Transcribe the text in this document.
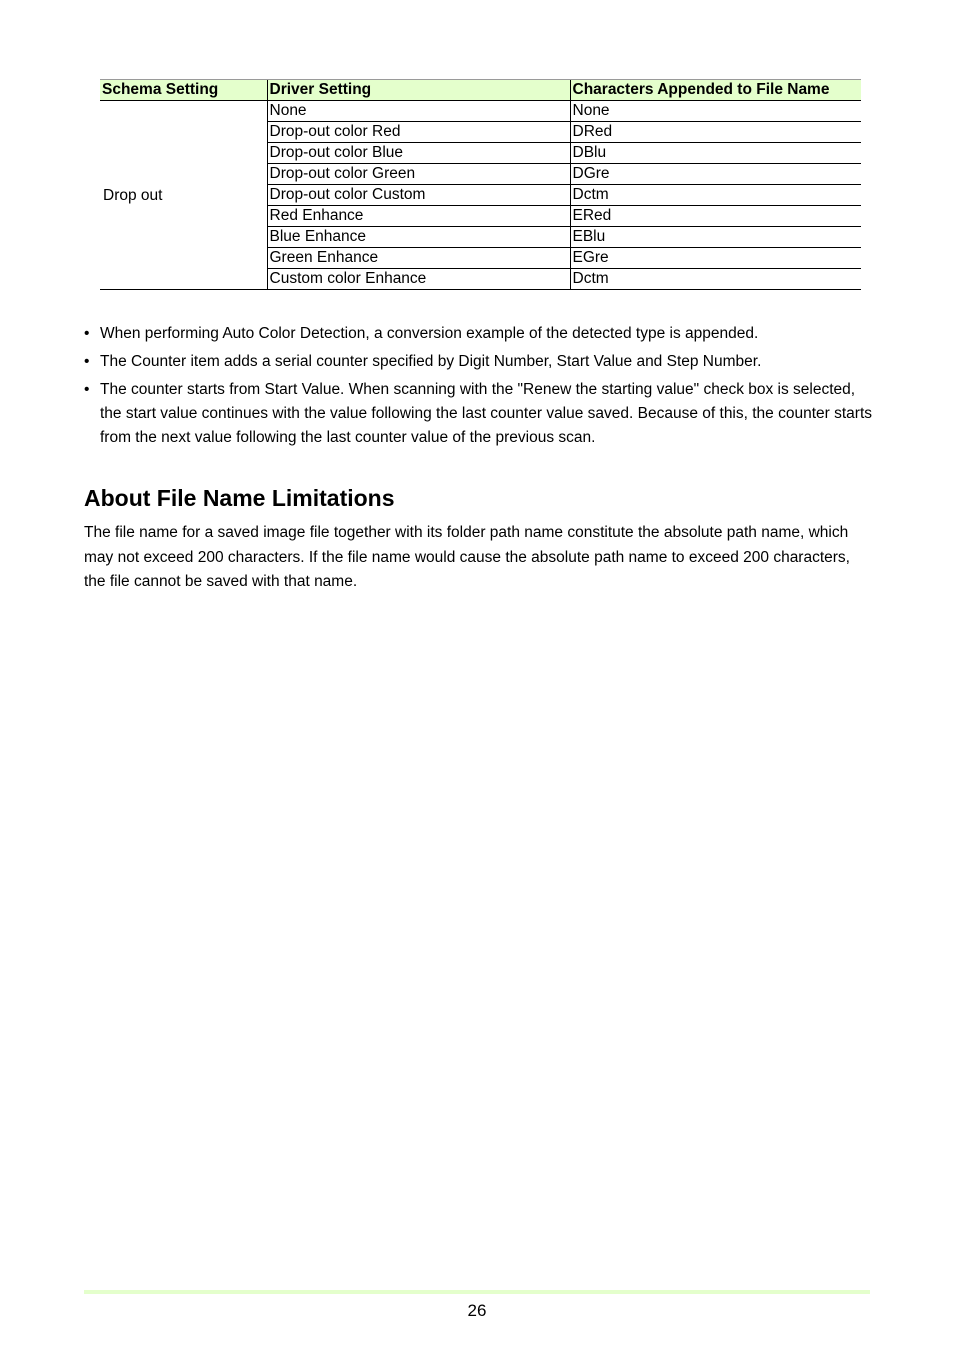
Schema Setting	Driver Setting	Characters Appended to File Name
Drop out	None	None
	Drop-out color Red	DRed
	Drop-out color Blue	DBlu
	Drop-out color Green	DGre
	Drop-out color Custom	Dctm
	Red Enhance	ERed
	Blue Enhance	EBlu
	Green Enhance	EGre
	Custom color Enhance	Dctm
• When performing Auto Color Detection, a conversion example of the detected type is appended.
• The Counter item adds a serial counter specified by Digit Number, Start Value and Step Number.
• The counter starts from Start Value. When scanning with the "Renew the starting value" check box is selected, the start value continues with the value following the last counter value saved. Because of this, the counter starts from the next value following the last counter value of the previous scan.
About File Name Limitations

The file name for a saved image file together with its folder path name constitute the absolute path name, which may not exceed 200 characters. If the file name would cause the absolute path name to exceed 200 characters, the file cannot be saved with that name.

26
